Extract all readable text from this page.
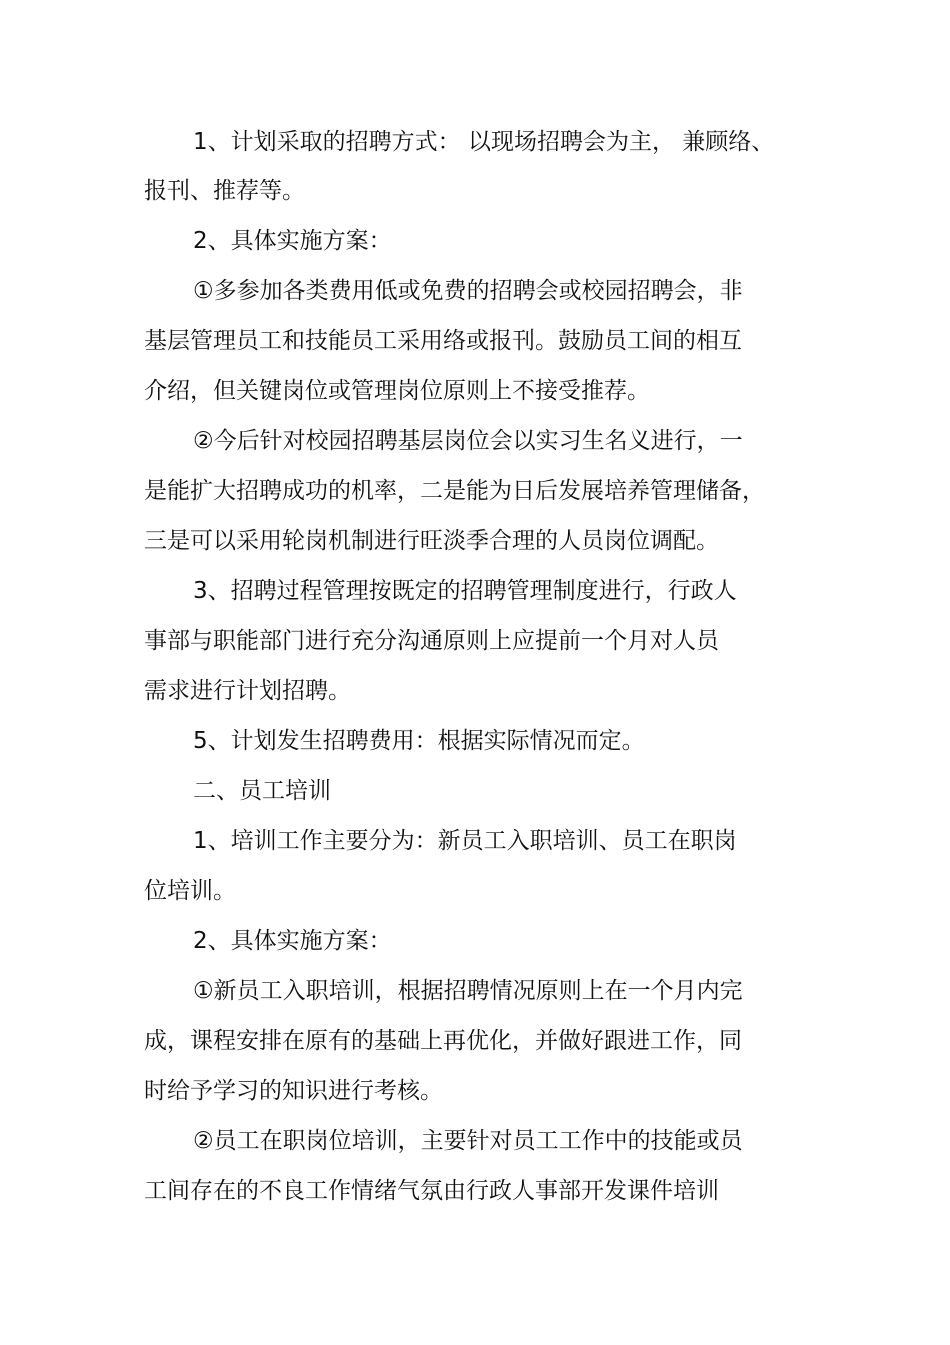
1、计划采取的招聘方式： 以现场招聘会为主， 兼顾络、
报刊、推荐等。
2、具体实施方案：
①多参加各类费用低或免费的招聘会或校园招聘会，非
基层管理员工和技能员工采用络或报刊。鼓励员工间的相互
介绍，但关键岗位或管理岗位原则上不接受推荐。
②今后针对校园招聘基层岗位会以实习生名义进行，一
是能扩大招聘成功的机率，二是能为日后发展培养管理储备，
三是可以采用轮岗机制进行旺淡季合理的人员岗位调配。
3、招聘过程管理按既定的招聘管理制度进行，行政人
事部与职能部门进行充分沟通原则上应提前一个月对人员
需求进行计划招聘。
5、计划发生招聘费用：根据实际情况而定。
二、员工培训
1、培训工作主要分为：新员工入职培训、员工在职岗
位培训。
2、具体实施方案：
①新员工入职培训，根据招聘情况原则上在一个月内完
成，课程安排在原有的基础上再优化，并做好跟进工作，同
时给予学习的知识进行考核。
②员工在职岗位培训，主要针对员工工作中的技能或员
工间存在的不良工作情绪气氛由行政人事部开发课件培训
